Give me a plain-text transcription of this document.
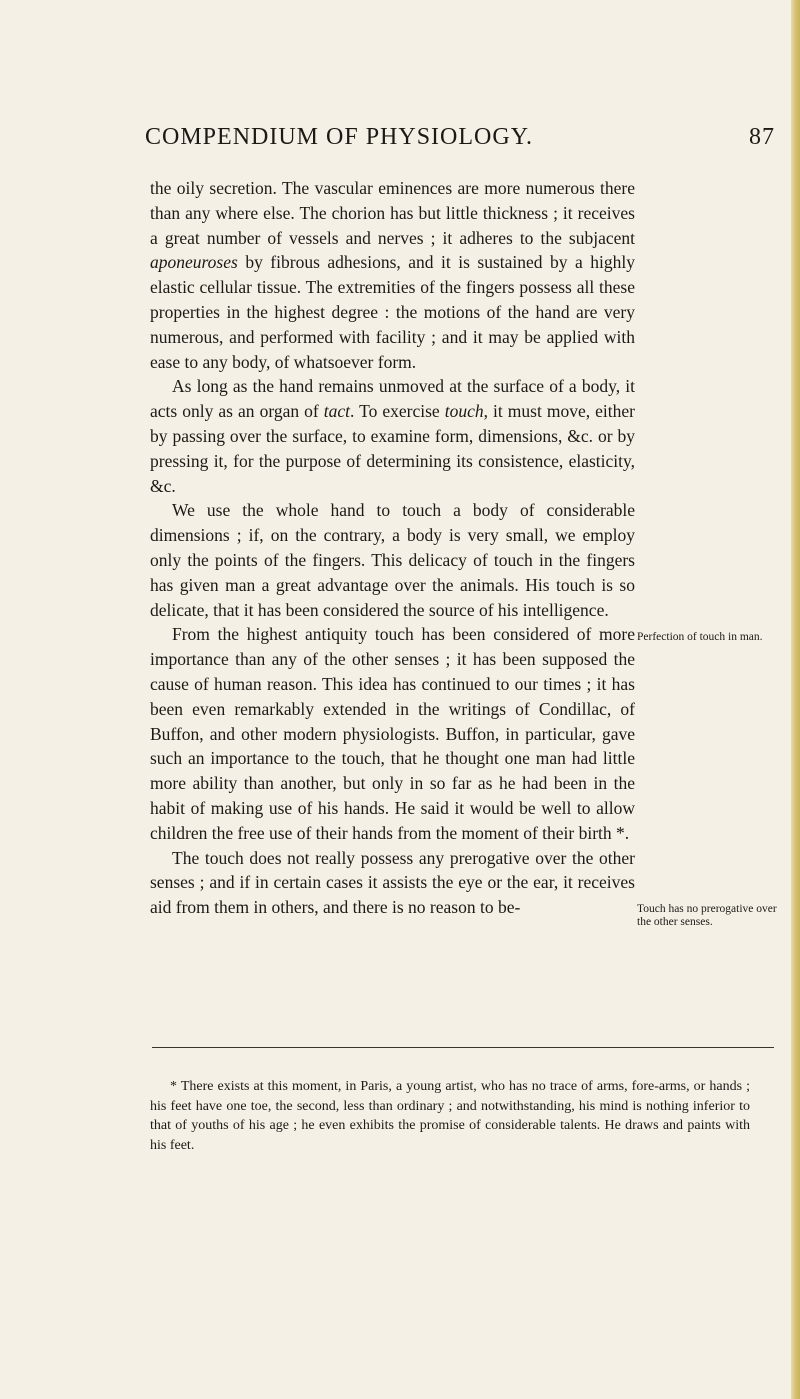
COMPENDIUM OF PHYSIOLOGY.	87

the oily secretion. The vascular eminences are more numerous there than any where else. The chorion has but little thickness ; it receives a great number of vessels and nerves ; it adheres to the subjacent aponeuroses by fibrous adhesions, and it is sustained by a highly elastic cellular tissue. The extremities of the fingers possess all these properties in the highest degree : the motions of the hand are very numerous, and performed with facility ; and it may be applied with ease to any body, of whatsoever form.

As long as the hand remains unmoved at the surface of a body, it acts only as an organ of tact. To exercise touch, it must move, either by passing over the surface, to examine form, dimensions, &c. or by pressing it, for the purpose of determining its consistence, elasticity, &c.

We use the whole hand to touch a body of considerable dimensions ; if, on the contrary, a body is very small, we employ only the points of the fingers. This delicacy of touch in the fingers has given man a great advantage over the animals. His touch is so delicate, that it has been considered the source of his intelligence.

From the highest antiquity touch has been considered of more importance than any of the other senses ; it has been supposed the cause of human reason. This idea has continued to our times ; it has been even remarkably extended in the writings of Condillac, of Buffon, and other modern physiologists. Buffon, in particular, gave such an importance to the touch, that he thought one man had little more ability than another, but only in so far as he had been in the habit of making use of his hands. He said it would be well to allow children the free use of their hands from the moment of their birth *.

The touch does not really possess any prerogative over the other senses ; and if in certain cases it assists the eye or the ear, it receives aid from them in others, and there is no reason to be-

Perfection of touch in man.
Touch has no prerogative over the other senses.
* There exists at this moment, in Paris, a young artist, who has no trace of arms, fore-arms, or hands ; his feet have one toe, the second, less than ordinary ; and notwithstanding, his mind is nothing inferior to that of youths of his age ; he even exhibits the promise of considerable talents. He draws and paints with his feet.
